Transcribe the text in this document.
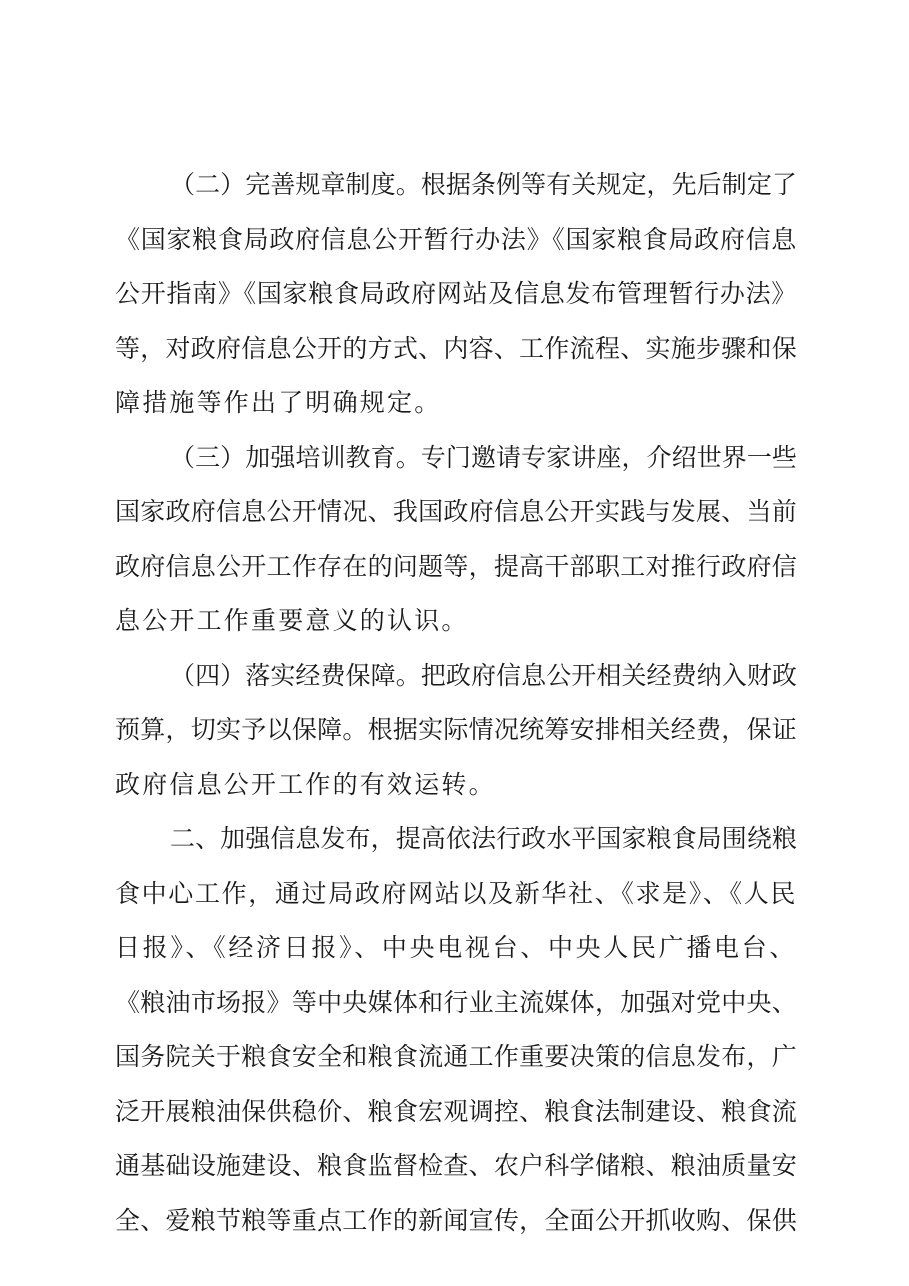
（二）完善规章制度。根据条例等有关规定，先后制定了
《国家粮食局政府信息公开暂行办法》《国家粮食局政府信息
公开指南》《国家粮食局政府网站及信息发布管理暂行办法》
等，对政府信息公开的方式、内容、工作流程、实施步骤和保
障措施等作出了明确规定。

（三）加强培训教育。专门邀请专家讲座，介绍世界一些
国家政府信息公开情况、我国政府信息公开实践与发展、当前
政府信息公开工作存在的问题等，提高干部职工对推行政府信
息公开工作重要意义的认识。

（四）落实经费保障。把政府信息公开相关经费纳入财政
预算，切实予以保障。根据实际情况统筹安排相关经费，保证
政府信息公开工作的有效运转。

二、加强信息发布，提高依法行政水平国家粮食局围绕粮
食中心工作，通过局政府网站以及新华社、《求是》、《人民
日报》、《经济日报》、中央电视台、中央人民广播电台、
《粮油市场报》等中央媒体和行业主流媒体，加强对党中央、
国务院关于粮食安全和粮食流通工作重要决策的信息发布，广
泛开展粮油保供稳价、粮食宏观调控、粮食法制建设、粮食流
通基础设施建设、粮食监督检查、农户科学储粮、粮油质量安
全、爱粮节粮等重点工作的新闻宣传，全面公开抓收购、保供
